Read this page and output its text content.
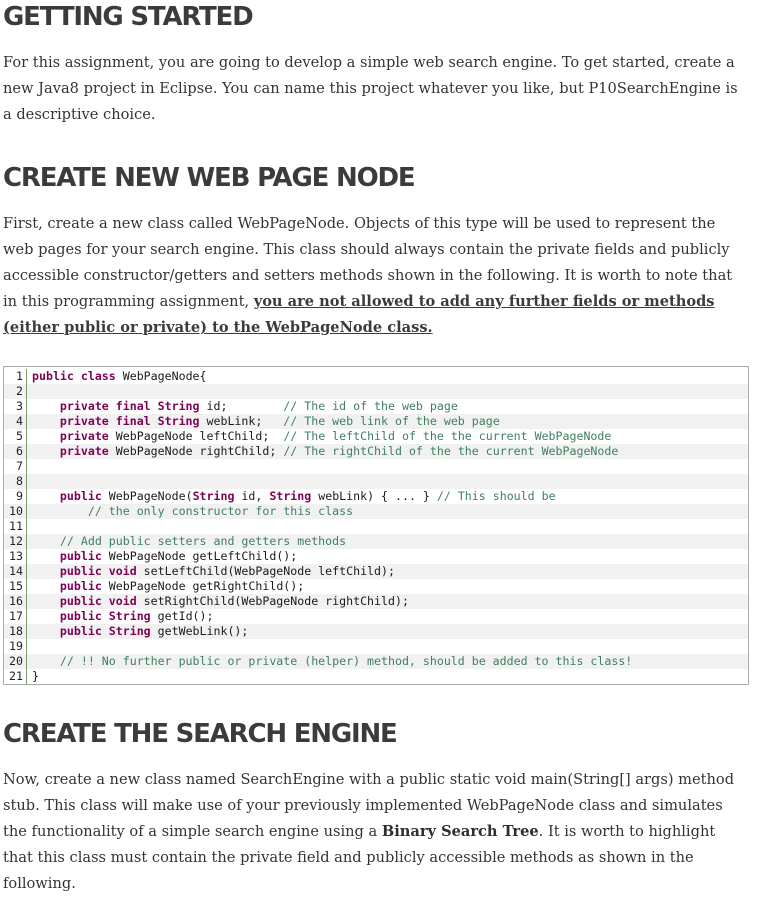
GETTING STARTED

For this assignment, you are going to develop a simple web search engine. To get started, create a new Java8 project in Eclipse. You can name this project whatever you like, but P10SearchEngine is a descriptive choice.

CREATE NEW WEB PAGE NODE

First, create a new class called WebPageNode. Objects of this type will be used to represent the web pages for your search engine. This class should always contain the private fields and publicly accessible constructor/getters and setters methods shown in the following. It is worth to note that in this programming assignment, you are not allowed to add any further fields or methods (either public or private) to the WebPageNode class.

1 public class WebPageNode{
2
3	private final String id;        // The id of the web page
4	private final String webLink;   // The web link of the web page
5	private WebPageNode leftChild;  // The leftChild of the the current WebPageNode
6	private WebPageNode rightChild; // The rightChild of the the current WebPageNode
7
8
9	public WebPageNode(String id, String webLink) { ... } // This should be
10	// the only constructor for this class
11
12	// Add public setters and getters methods
13	public WebPageNode getLeftChild();
14	public void setLeftChild(WebPageNode leftChild);
15	public WebPageNode getRightChild();
16	public void setRightChild(WebPageNode rightChild);
17	public String getId();
18	public String getWebLink();
19
20	// !! No further public or private (helper) method, should be added to this class!
21 }
CREATE THE SEARCH ENGINE

Now, create a new class named SearchEngine with a public static void main(String[] args) method stub. This class will make use of your previously implemented WebPageNode class and simulates the functionality of a simple search engine using a Binary Search Tree. It is worth to highlight that this class must contain the private field and publicly accessible methods as shown in the following.
